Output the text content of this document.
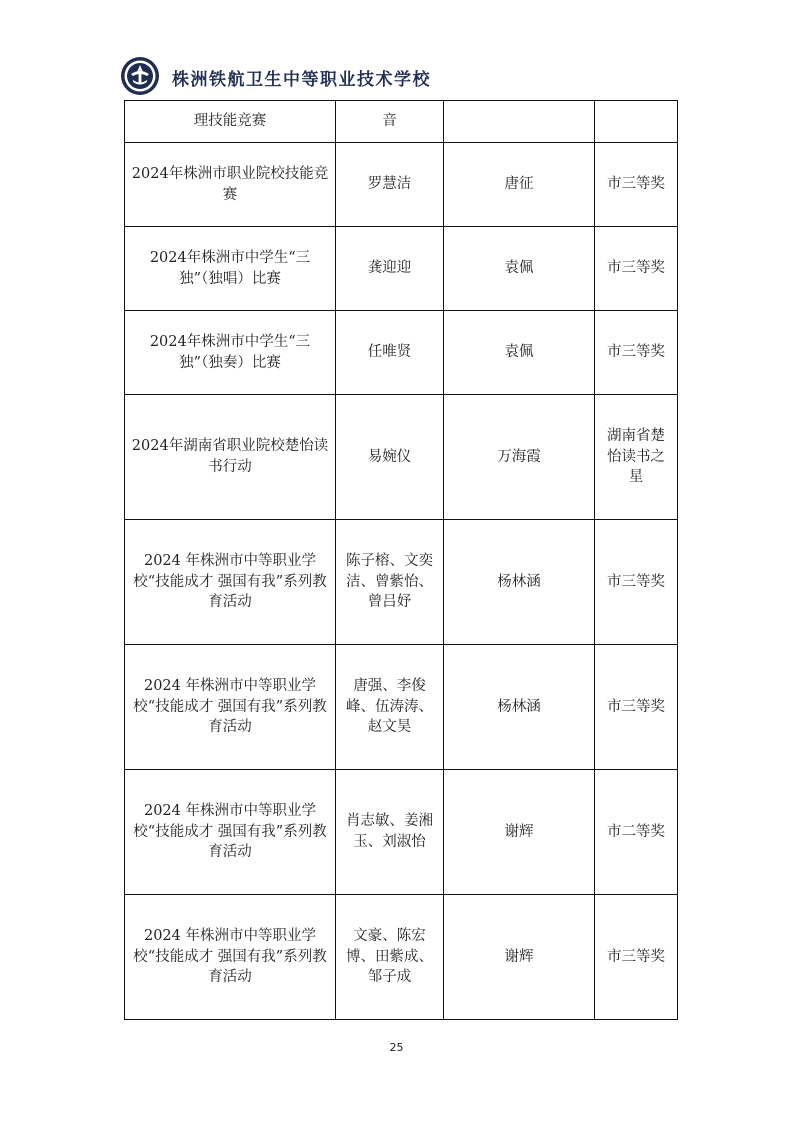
株洲铁航卫生中等职业技术学校
理技能竞赛	音		
2024年株洲市职业院校技能竞赛	罗慧洁	唐征	市三等奖
2024年株洲市中学生“三独”（独唱）比赛	龚迎迎	袁佩	市三等奖
2024年株洲市中学生“三独”（独奏）比赛	任唯贤	袁佩	市三等奖
2024年湖南省职业院校楚怡读书行动	易婉仪	万海霞	湖南省楚怡读书之星
2024 年株洲市中等职业学校“技能成才 强国有我”系列教育活动	陈子榕、文奕洁、曾紫怡、曾吕妤	杨林涵	市三等奖
2024 年株洲市中等职业学校“技能成才 强国有我”系列教育活动	唐强、李俊峰、伍涛涛、赵文昊	杨林涵	市三等奖
2024 年株洲市中等职业学校“技能成才 强国有我”系列教育活动	肖志敏、姜湘玉、刘淑怡	谢辉	市二等奖
2024 年株洲市中等职业学校“技能成才 强国有我”系列教育活动	文豪、陈宏博、田紫成、邹子成	谢辉	市三等奖
25
